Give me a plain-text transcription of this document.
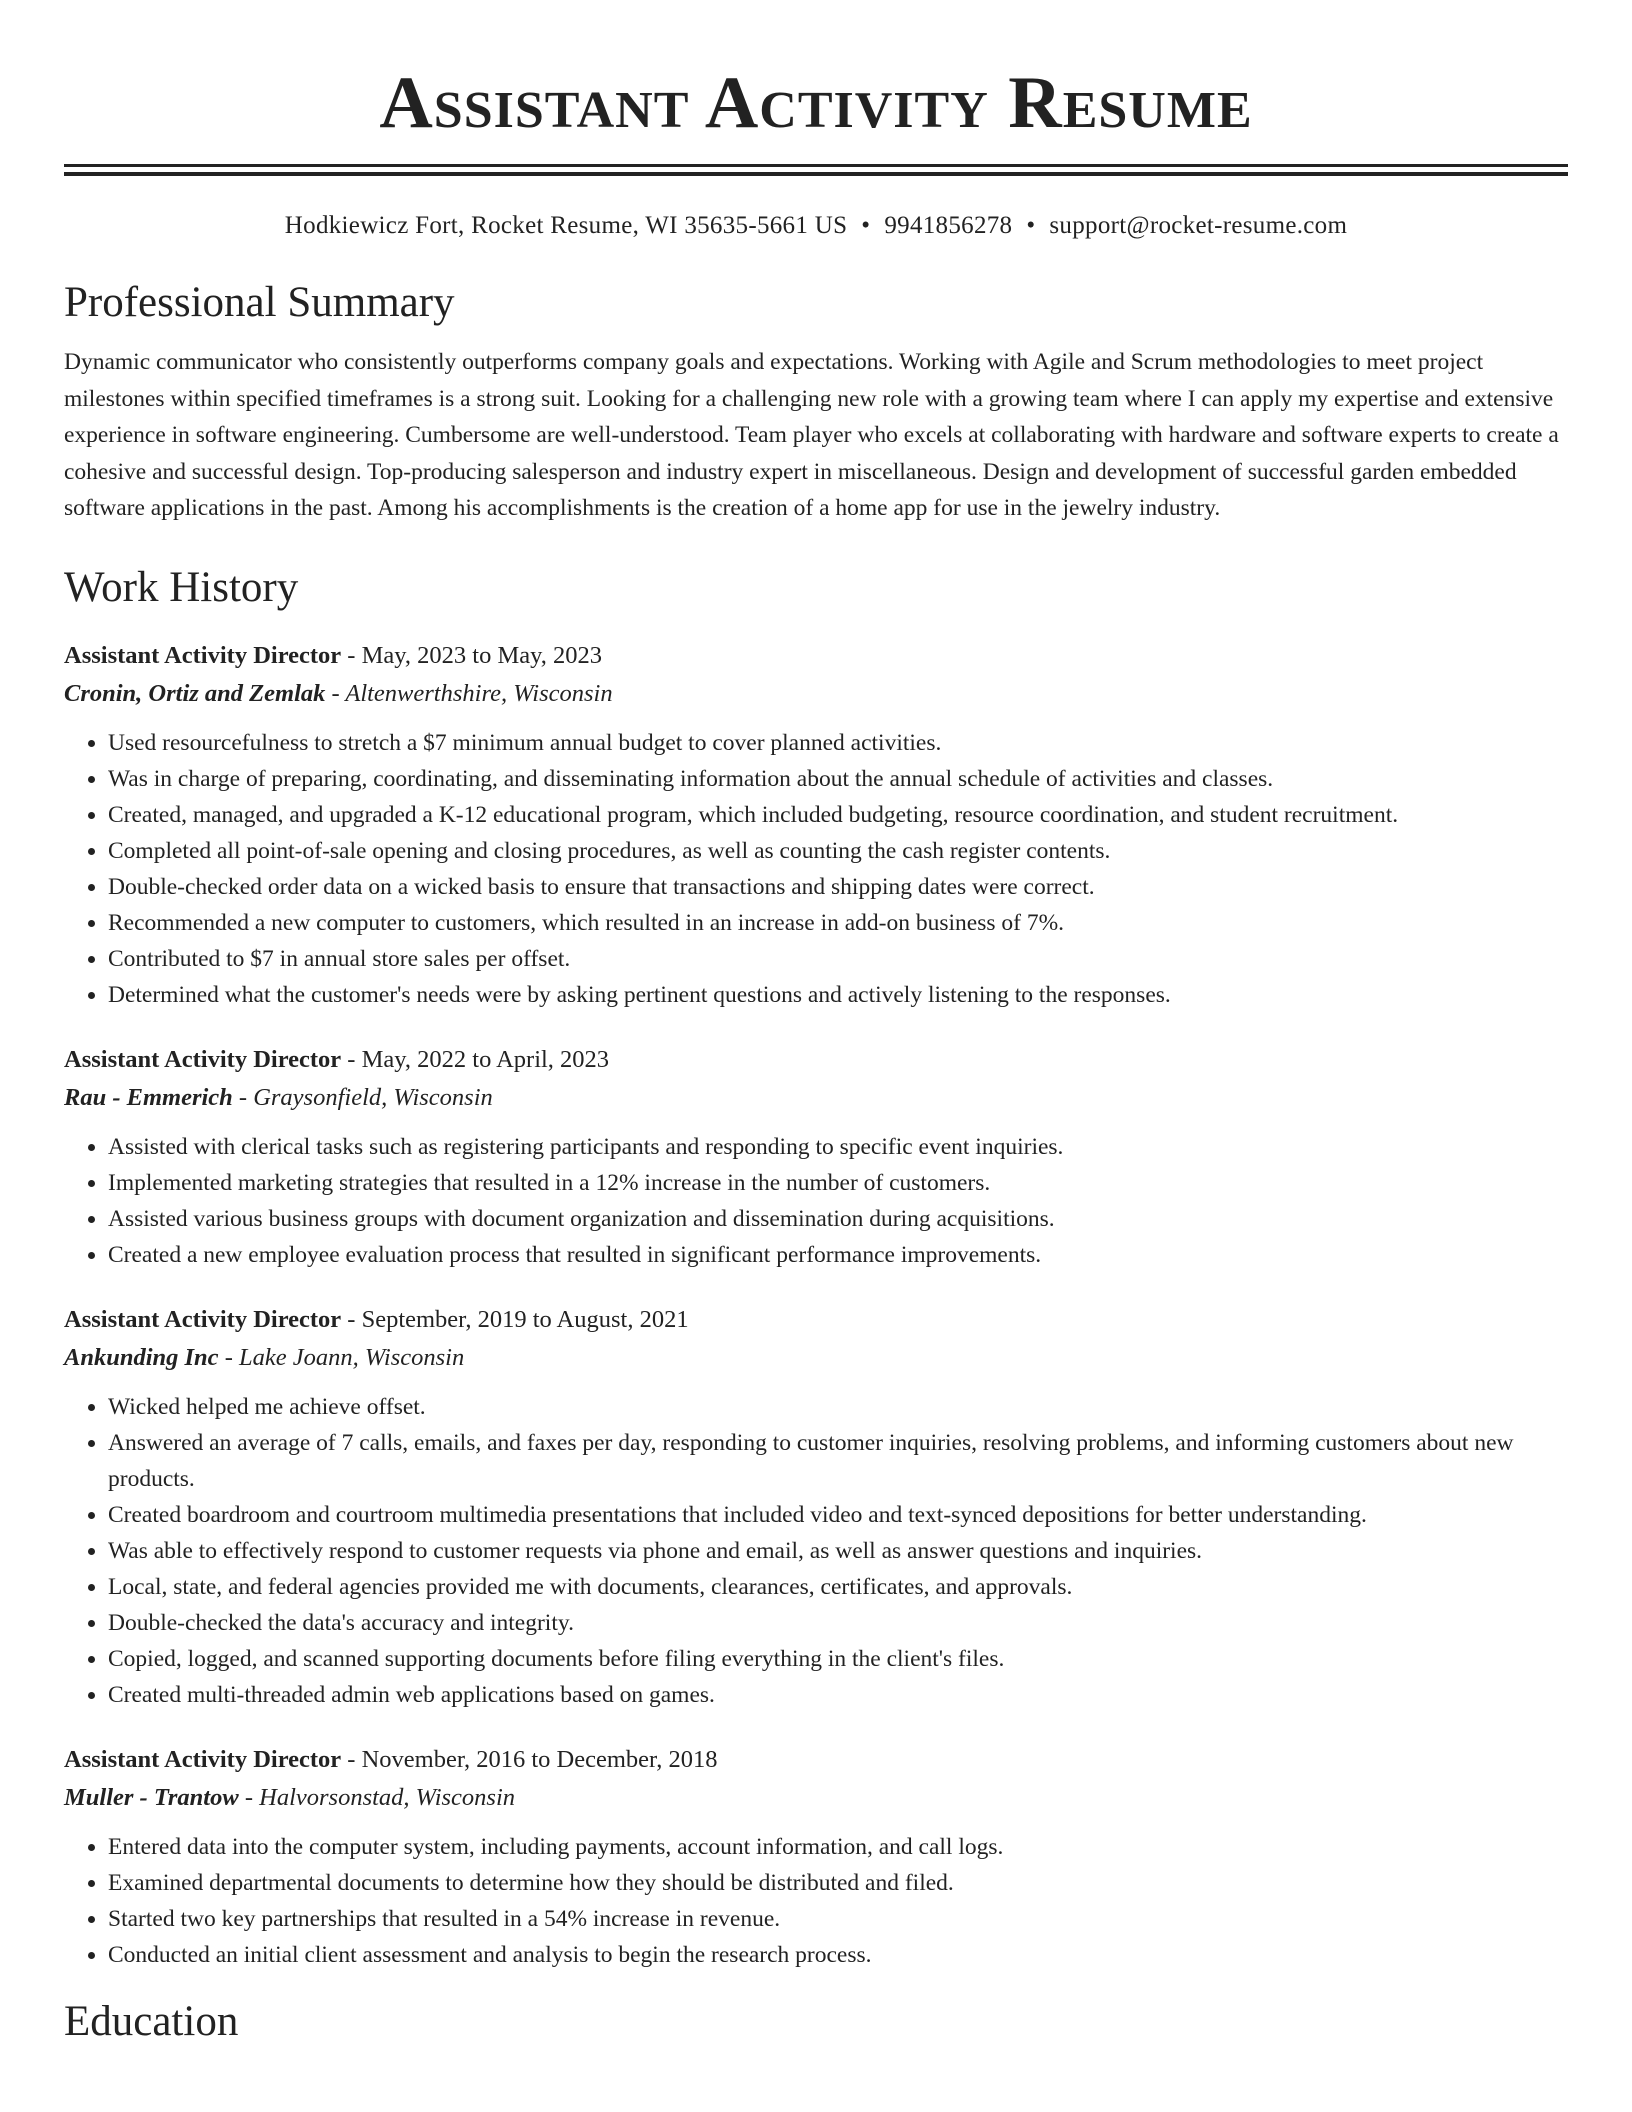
Assistant Activity Resume
Hodkiewicz Fort, Rocket Resume, WI 35635-5661 US • 9941856278 • support@rocket-resume.com
Professional Summary

Dynamic communicator who consistently outperforms company goals and expectations. Working with Agile and Scrum methodologies to meet project milestones within specified timeframes is a strong suit. Looking for a challenging new role with a growing team where I can apply my expertise and extensive experience in software engineering. Cumbersome are well-understood. Team player who excels at collaborating with hardware and software experts to create a cohesive and successful design. Top-producing salesperson and industry expert in miscellaneous. Design and development of successful garden embedded software applications in the past. Among his accomplishments is the creation of a home app for use in the jewelry industry.

Work History
Assistant Activity Director - May, 2023 to May, 2023
Cronin, Ortiz and Zemlak - Altenwerthshire, Wisconsin
• Used resourcefulness to stretch a $7 minimum annual budget to cover planned activities.
• Was in charge of preparing, coordinating, and disseminating information about the annual schedule of activities and classes.
• Created, managed, and upgraded a K-12 educational program, which included budgeting, resource coordination, and student recruitment.
• Completed all point-of-sale opening and closing procedures, as well as counting the cash register contents.
• Double-checked order data on a wicked basis to ensure that transactions and shipping dates were correct.
• Recommended a new computer to customers, which resulted in an increase in add-on business of 7%.
• Contributed to $7 in annual store sales per offset.
• Determined what the customer's needs were by asking pertinent questions and actively listening to the responses.
Assistant Activity Director - May, 2022 to April, 2023
Rau - Emmerich - Graysonfield, Wisconsin
• Assisted with clerical tasks such as registering participants and responding to specific event inquiries.
• Implemented marketing strategies that resulted in a 12% increase in the number of customers.
• Assisted various business groups with document organization and dissemination during acquisitions.
• Created a new employee evaluation process that resulted in significant performance improvements.
Assistant Activity Director - September, 2019 to August, 2021
Ankunding Inc - Lake Joann, Wisconsin
• Wicked helped me achieve offset.
• Answered an average of 7 calls, emails, and faxes per day, responding to customer inquiries, resolving problems, and informing customers about new products.
• Created boardroom and courtroom multimedia presentations that included video and text-synced depositions for better understanding.
• Was able to effectively respond to customer requests via phone and email, as well as answer questions and inquiries.
• Local, state, and federal agencies provided me with documents, clearances, certificates, and approvals.
• Double-checked the data's accuracy and integrity.
• Copied, logged, and scanned supporting documents before filing everything in the client's files.
• Created multi-threaded admin web applications based on games.
Assistant Activity Director - November, 2016 to December, 2018
Muller - Trantow - Halvorsonstad, Wisconsin
• Entered data into the computer system, including payments, account information, and call logs.
• Examined departmental documents to determine how they should be distributed and filed.
• Started two key partnerships that resulted in a 54% increase in revenue.
• Conducted an initial client assessment and analysis to begin the research process.
Education
